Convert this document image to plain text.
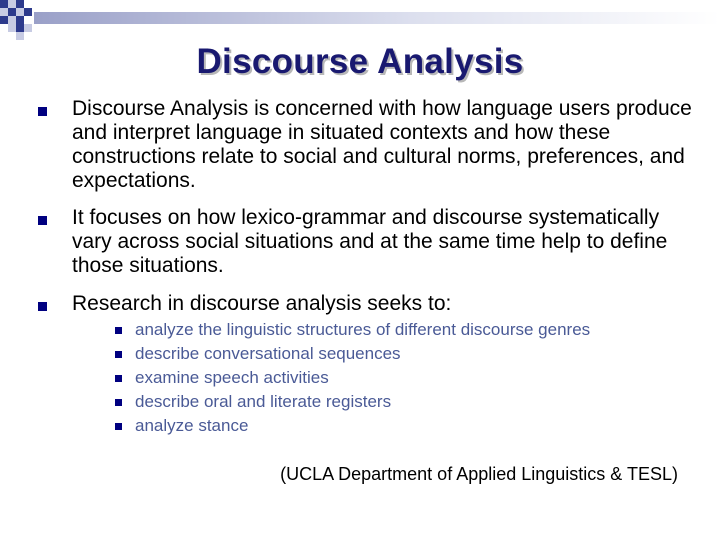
Discourse Analysis
Discourse Analysis is concerned with how language users produce and interpret language in situated contexts and how these constructions relate to social and cultural norms, preferences, and expectations.
It focuses on how lexico-grammar and discourse systematically vary across social situations and at the same time help to define those situations.
Research in discourse analysis seeks to:
analyze the linguistic structures of different discourse genres
describe conversational sequences
examine speech activities
describe oral and literate registers
analyze stance
(UCLA Department of Applied Linguistics & TESL)
